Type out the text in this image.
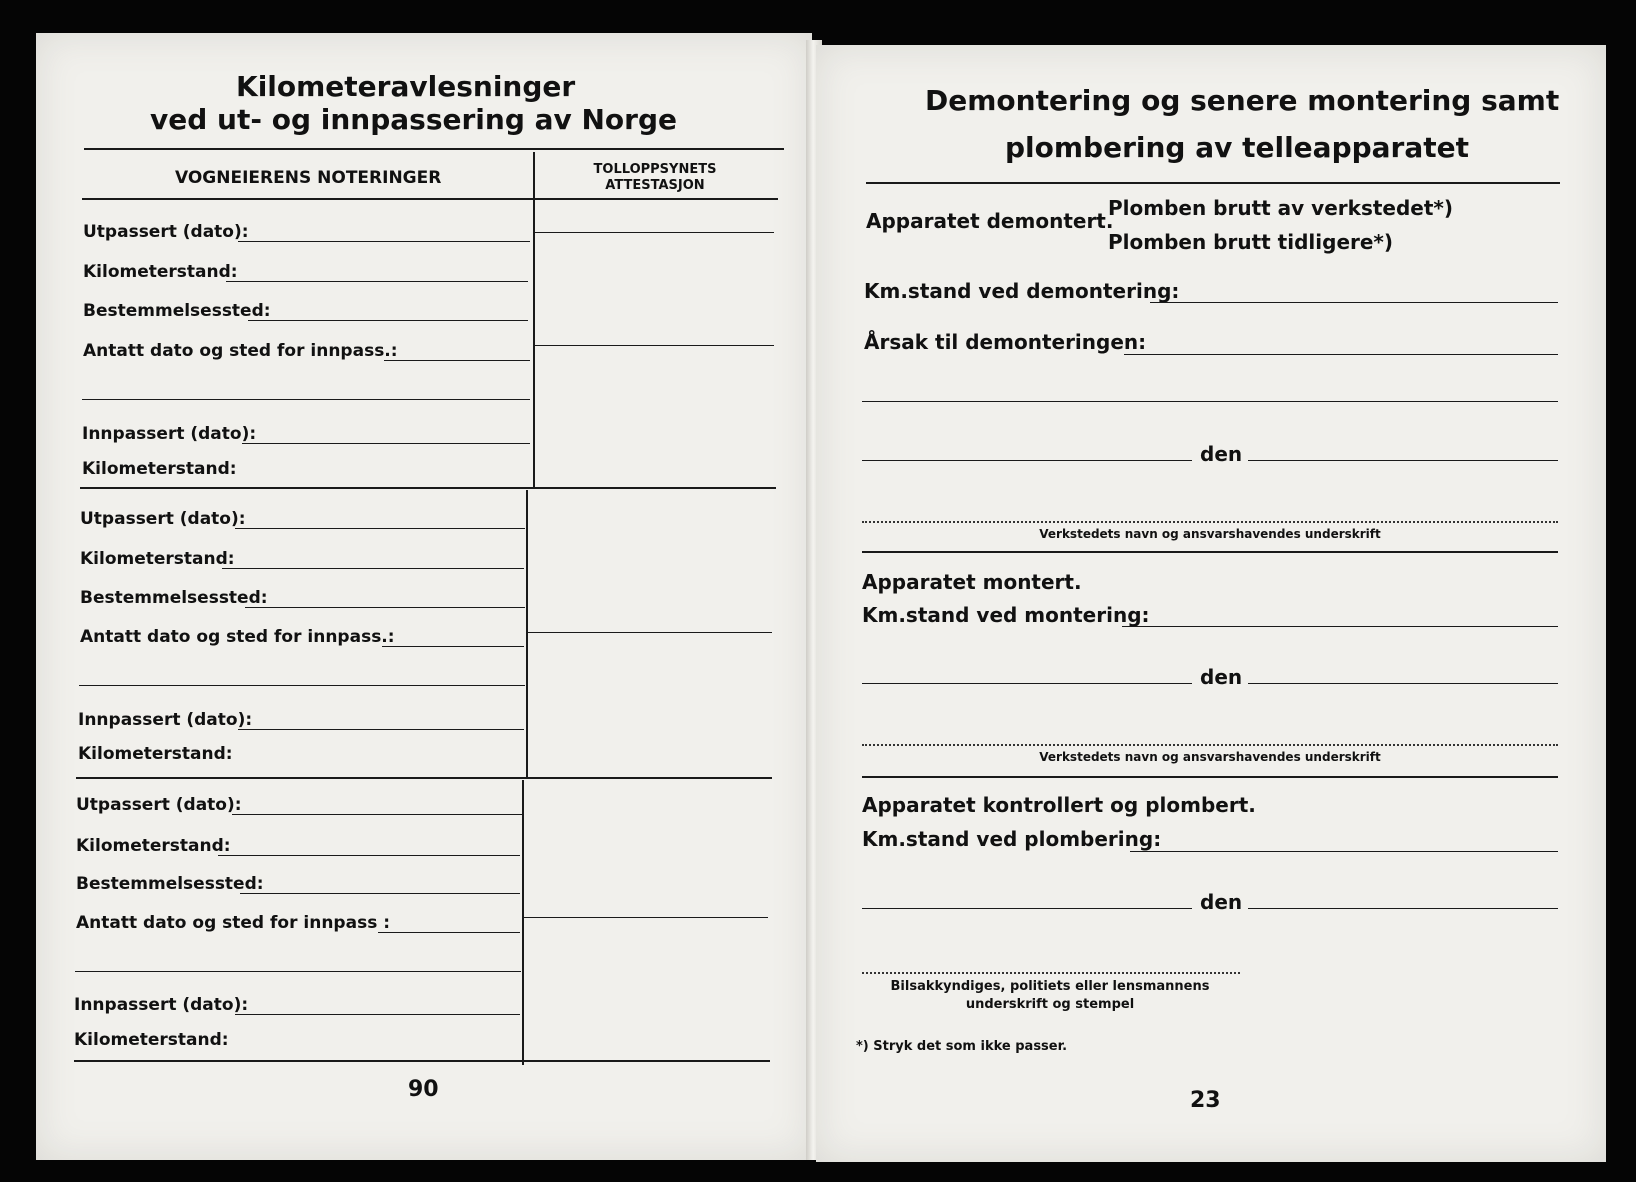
Kilometeravlesninger
ved ut- og innpassering av Norge
VOGNEIERENS NOTERINGER	TOLLOPPSYNETS
ATTESTASJON
Utpassert (dato):
Kilometerstand:
Bestemmelsessted:
Antatt dato og sted for innpass.:
Innpassert (dato):
Kilometerstand:
Utpassert (dato):
Kilometerstand:
Bestemmelsessted:
Antatt dato og sted for innpass.:
Innpassert (dato):
Kilometerstand:
Utpassert (dato):
Kilometerstand:
Bestemmelsessted:
Antatt dato og sted for innpass :
Innpassert (dato):
Kilometerstand:
90
Demontering og senere montering samt
plombering av telleapparatet
Apparatet demontert.
Plomben brutt av verkstedet*)
Plomben brutt tidligere*)
Km.stand ved demontering:
Årsak til demonteringen:
den
Verkstedets navn og ansvarshavendes underskrift
Apparatet montert.
Km.stand ved montering:
den
Verkstedets navn og ansvarshavendes underskrift
Apparatet kontrollert og plombert.
Km.stand ved plombering:
den
Bilsakkyndiges, politiets eller lensmannens
underskrift og stempel
*) Stryk det som ikke passer.
23
